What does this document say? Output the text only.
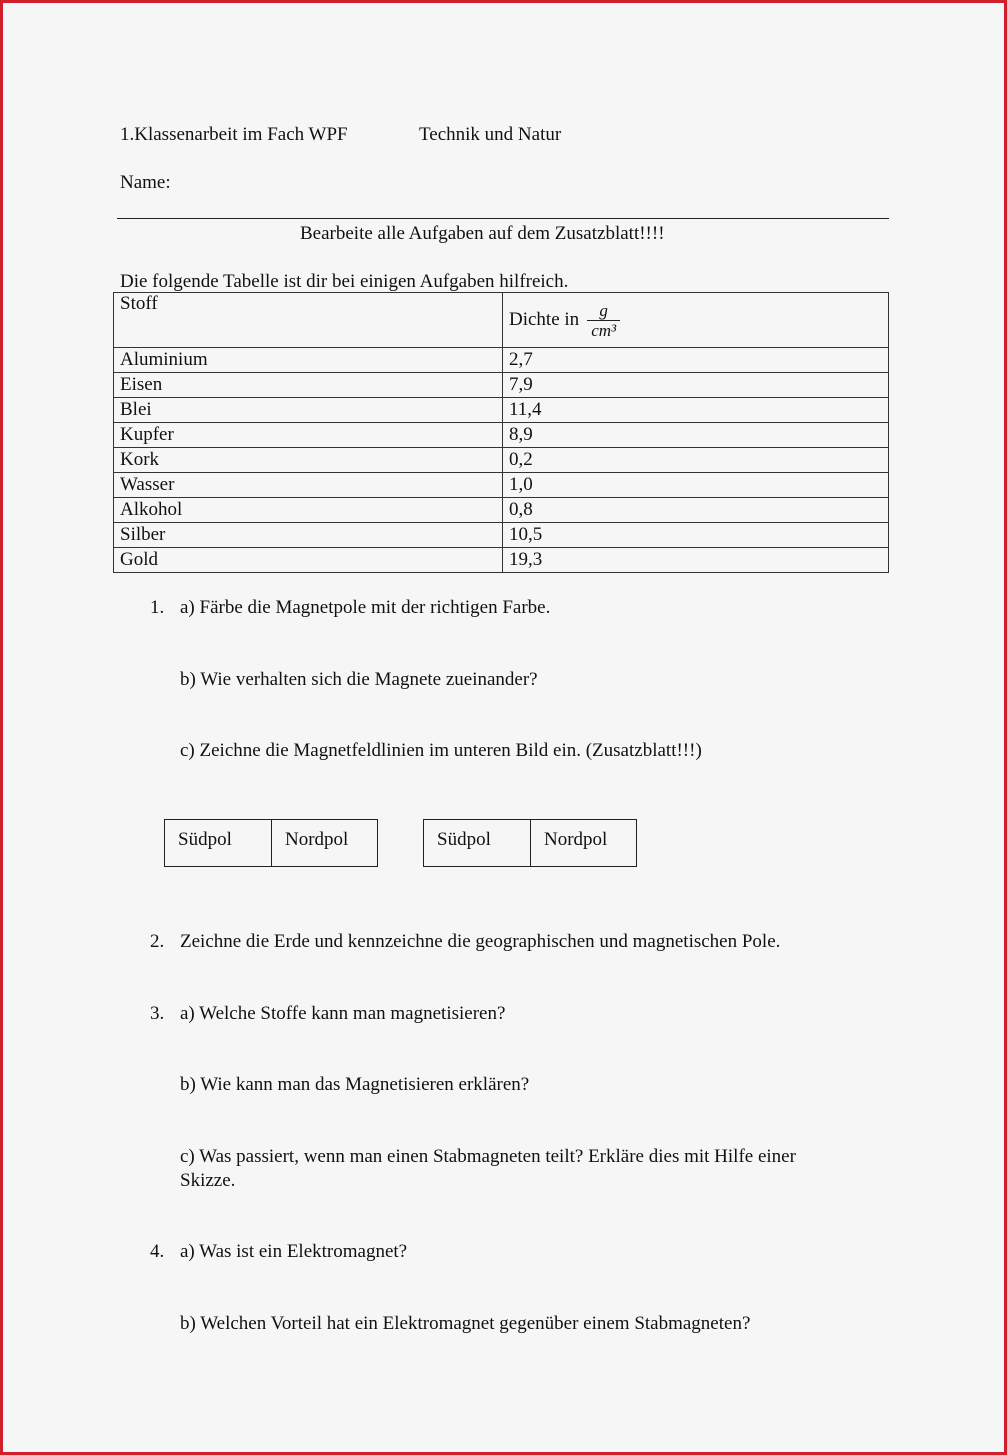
1.Klassenarbeit im Fach WPF	Technik und Natur
Name:
Bearbeite alle Aufgaben auf dem Zusatzblatt!!!!
Die folgende Tabelle ist dir bei einigen Aufgaben hilfreich.
Stoff	Dichte in $\frac{g}{\text{cm³}}$

Aluminium	2,7
Eisen	7,9
Blei	11,4
Kupfer	8,9
Kork	0,2
Wasser	1,0
Alkohol	0,8
Silber	10,5
Gold	19,3
1. a) Färbe die Magnetpole mit der richtigen Farbe.
b) Wie verhalten sich die Magnete zueinander?
c) Zeichne die Magnetfeldlinien im unteren Bild ein. (Zusatzblatt!!!)
Südpol	Nordpol	Südpol	Nordpol
2. Zeichne die Erde und kennzeichne die geographischen und magnetischen Pole.
3. a) Welche Stoffe kann man magnetisieren?
b) Wie kann man das Magnetisieren erklären?
c) Was passiert, wenn man einen Stabmagneten teilt? Erkläre dies mit Hilfe einer Skizze.
4. a) Was ist ein Elektromagnet?
b) Welchen Vorteil hat ein Elektromagnet gegenüber einem Stabmagneten?
